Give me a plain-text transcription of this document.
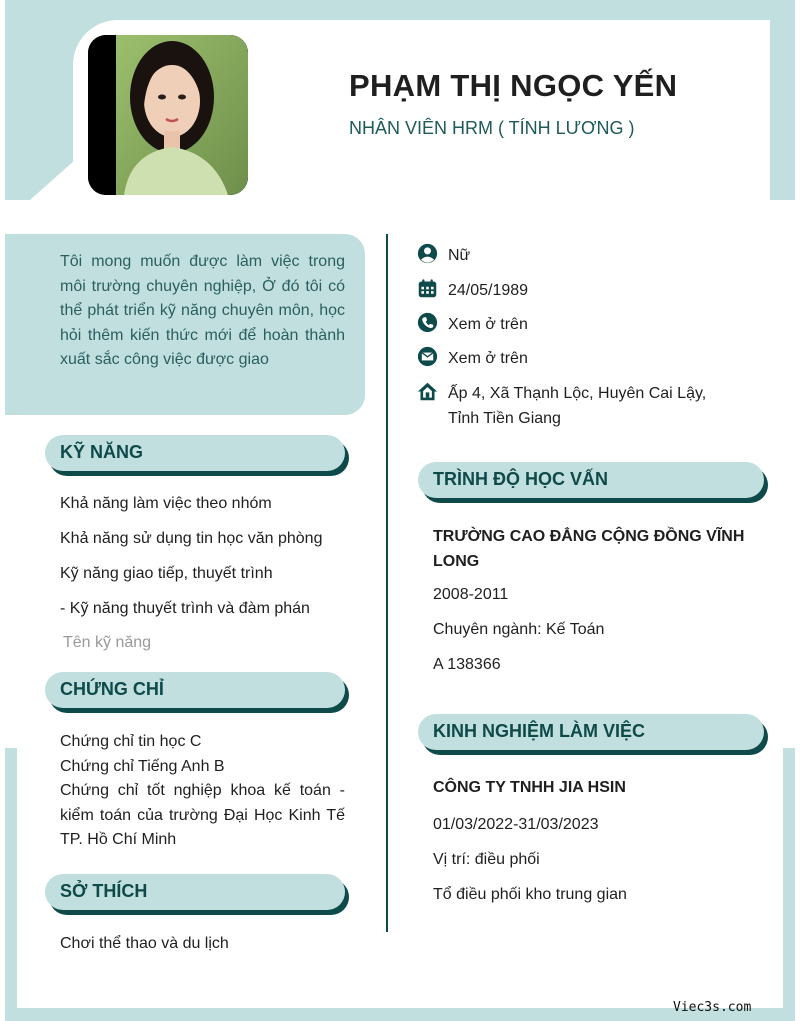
PHẠM THỊ NGỌC YẾN
NHÂN VIÊN HRM ( TÍNH LƯƠNG )

Tôi mong muốn được làm việc trong môi trường chuyên nghiệp, Ở đó tôi có thể phát triển kỹ năng chuyên môn, học hỏi thêm kiến thức mới để hoàn thành xuất sắc công việc được giao

Nữ
24/05/1989
Xem ở trên
Xem ở trên
Ấp 4, Xã Thạnh Lộc, Huyên Cai Lậy,
Tỉnh Tiền Giang
KỸ NĂNG
Khả năng làm việc theo nhóm
Khả năng sử dụng tin học văn phòng
Kỹ năng giao tiếp, thuyết trình
- Kỹ năng thuyết trình và đàm phán
Tên kỹ năng
CHỨNG CHỈ
Chứng chỉ tin học C
Chứng chỉ Tiếng Anh B
Chứng chỉ tốt nghiệp khoa kế toán - kiểm toán của trường Đại Học Kinh Tế TP. Hồ Chí Minh
SỞ THÍCH
Chơi thể thao và du lịch
TRÌNH ĐỘ HỌC VẤN
TRƯỜNG CAO ĐẲNG CỘNG ĐỒNG VĨNH
LONG
2008-2011
Chuyên ngành: Kế Toán
A 138366
KINH NGHIỆM LÀM VIỆC
CÔNG TY TNHH JIA HSIN
01/03/2022-31/03/2023
Vị trí: điều phối
Tổ điều phối kho trung gian
Viec3s.com
